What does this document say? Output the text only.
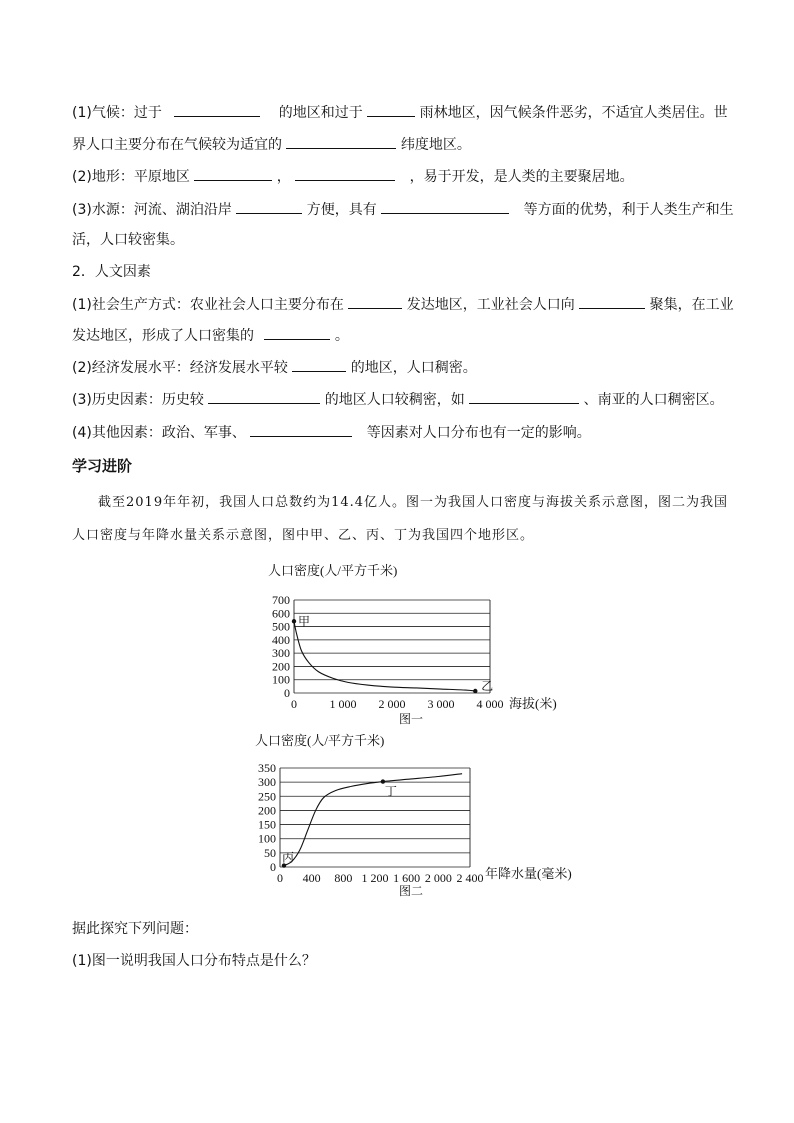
(1)气候：过于	的地区和过于	雨林地区，因气候条件恶劣，不适宜人类居住。世
界人口主要分布在气候较为适宜的	纬度地区。
(2)地形：平原地区	，	，易于开发，是人类的主要聚居地。
(3)水源：河流、湖泊沿岸	方便，具有	等方面的优势，利于人类生产和生
活，人口较密集。
2．人文因素
(1)社会生产方式：农业社会人口主要分布在	发达地区，工业社会人口向	聚集，在工业
发达地区，形成了人口密集的	。
(2)经济发展水平：经济发展水平较	的地区，人口稠密。
(3)历史因素：历史较	的地区人口较稠密，如	、南亚的人口稠密区。
(4)其他因素：政治、军事、	等因素对人口分布也有一定的影响。
学习进阶
截至2019年年初，我国人口总数约为14.4亿人。图一为我国人口密度与海拔关系示意图，图二为我国
人口密度与年降水量关系示意图，图中甲、乙、丙、丁为我国四个地形区。
0
100
200
300
400
500
600
700
0	1 000 2 000 3 000 4 000
人口密度(人/平方千米)
海拔(米)
图一
甲
乙
0
50
100
150
200
250
300
350
0 400 800 1 200 1 600 2 000 2 400
人口密度(人/平方千米)
年降水量(毫米)
图二
丙
丁
据此探究下列问题：
(1)图一说明我国人口分布特点是什么？
